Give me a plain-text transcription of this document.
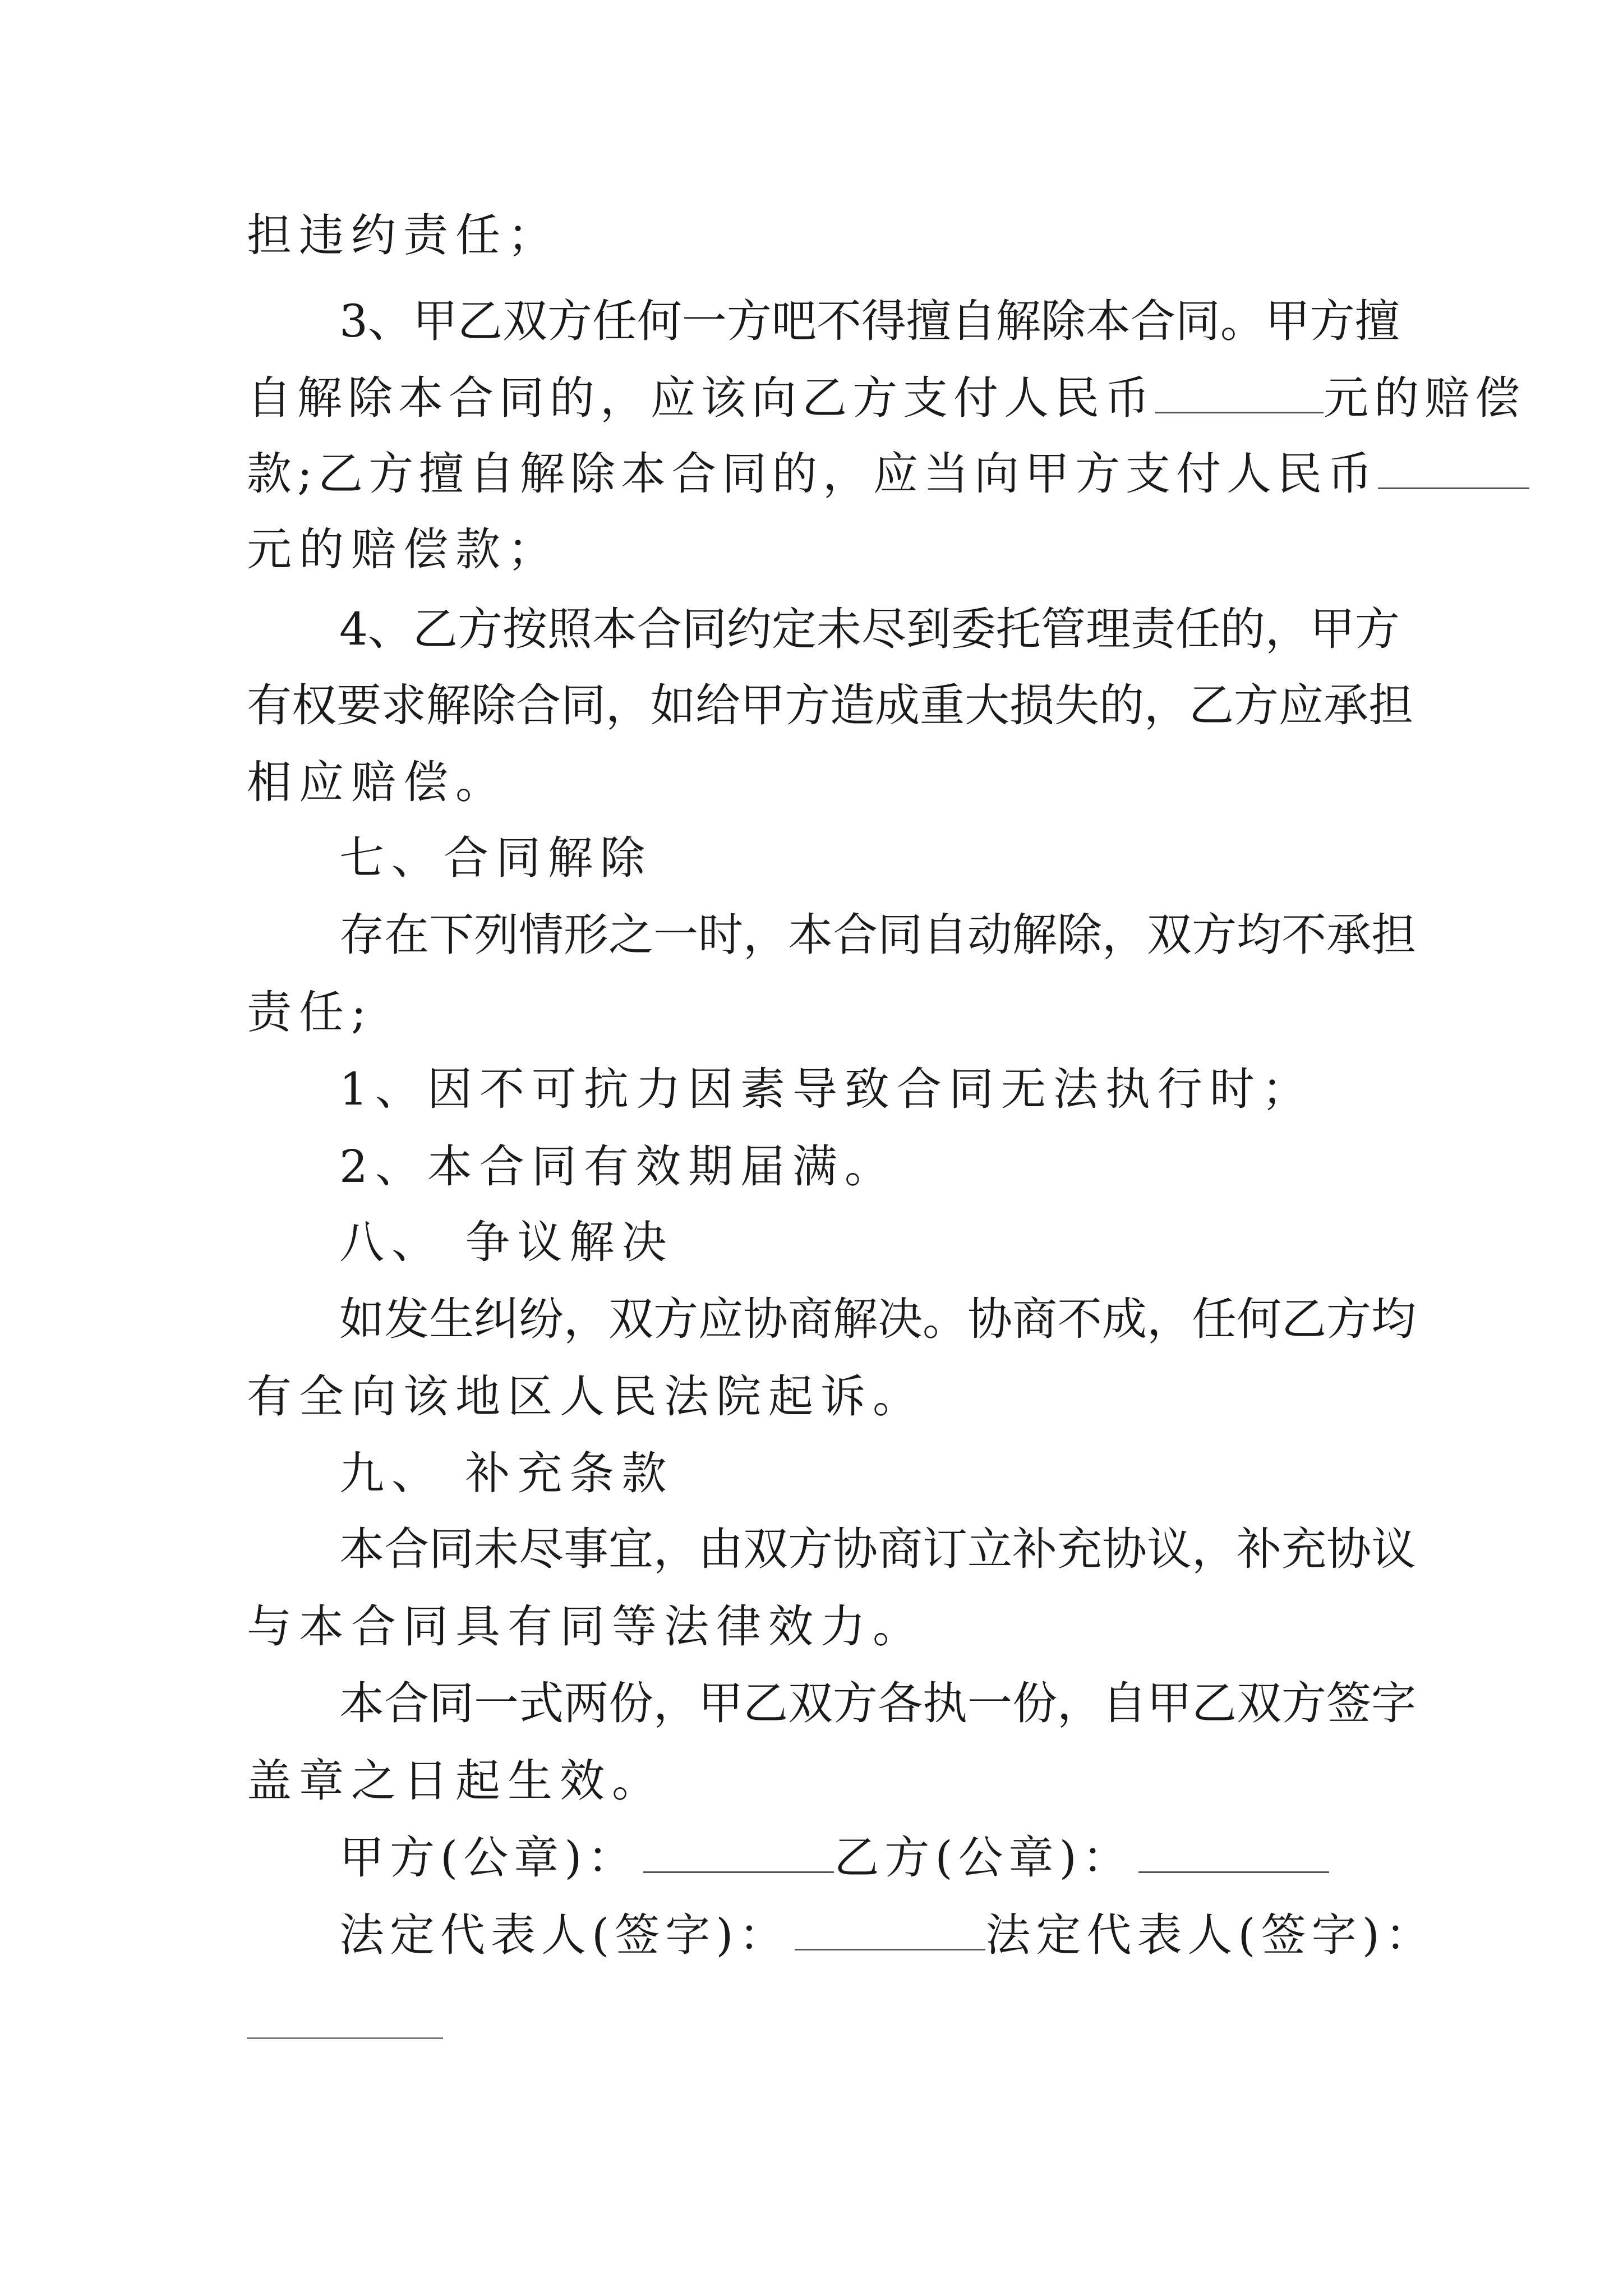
担违约责任；
3、甲乙双方任何一方吧不得擅自解除本合同。甲方擅
自解除本合同的，应该向乙方支付人民币	元的赔偿
款;乙方擅自解除本合同的，应当向甲方支付人民币
元的赔偿款；
4、乙方按照本合同约定未尽到委托管理责任的，甲方
有权要求解除合同，如给甲方造成重大损失的，乙方应承担
相应赔偿。
七、合同解除
存在下列情形之一时，本合同自动解除，双方均不承担
责任;
1、因不可抗力因素导致合同无法执行时；
2、本合同有效期届满。
八、 争议解决
如发生纠纷，双方应协商解决。协商不成，任何乙方均
有全向该地区人民法院起诉。
九、 补充条款
本合同未尽事宜，由双方协商订立补充协议，补充协议
与本合同具有同等法律效力。
本合同一式两份，甲乙双方各执一份，自甲乙双方签字
盖章之日起生效。
甲方(公章)：	乙方(公章)：
法定代表人(签字)：	法定代表人(签字)：
